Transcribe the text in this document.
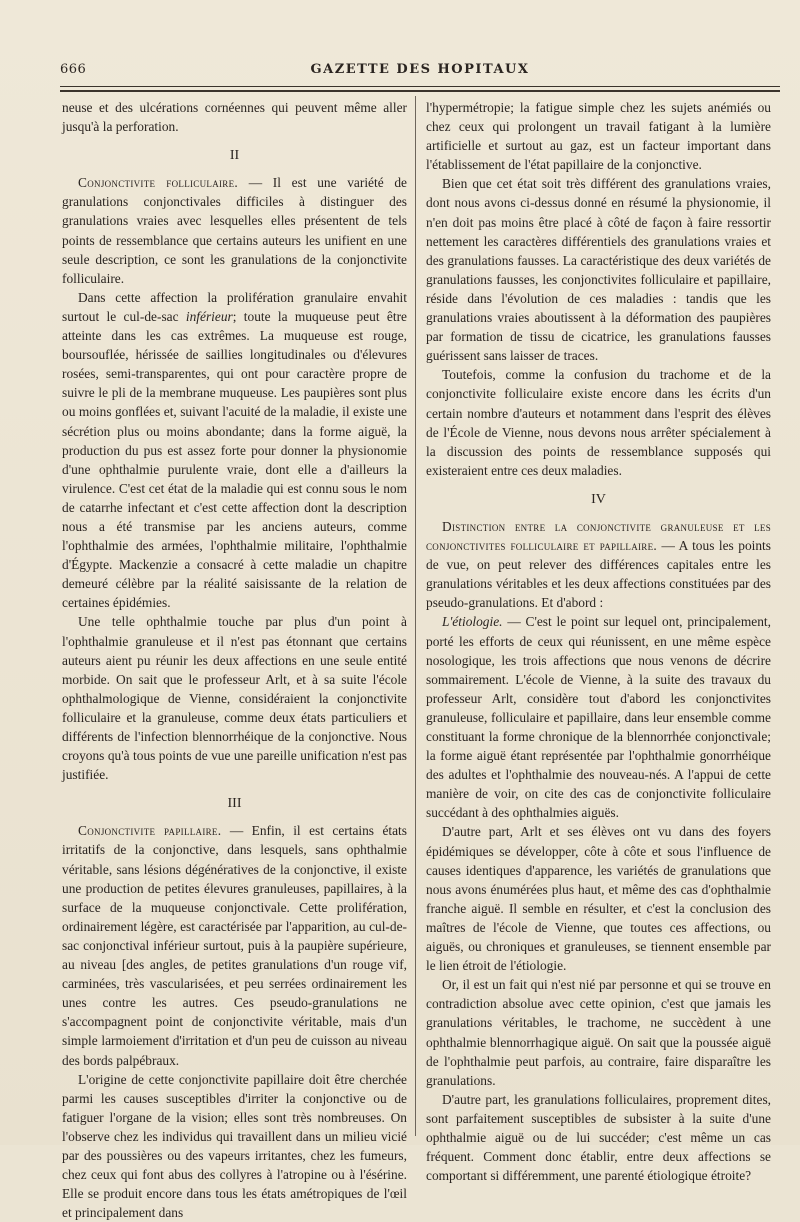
666	GAZETTE DES HOPITAUX

neuse et des ulcérations cornéennes qui peuvent même aller jusqu'à la perforation.

II

Conjonctivite folliculaire. — Il est une variété de granulations conjonctivales difficiles à distinguer des granulations vraies avec lesquelles elles présentent de tels points de ressemblance que certains auteurs les unifient en une seule description, ce sont les granulations de la conjonctivite folliculaire.

Dans cette affection la prolifération granulaire envahit surtout le cul-de-sac inférieur; toute la muqueuse peut être atteinte dans les cas extrêmes. La muqueuse est rouge, boursouflée, hérissée de saillies longitudinales ou d'élevures rosées, semi-transparentes, qui ont pour caractère propre de suivre le pli de la membrane muqueuse. Les paupières sont plus ou moins gonflées et, suivant l'acuité de la maladie, il existe une sécrétion plus ou moins abondante; dans la forme aiguë, la production du pus est assez forte pour donner la physionomie d'une ophthalmie purulente vraie, dont elle a d'ailleurs la virulence. C'est cet état de la maladie qui est connu sous le nom de catarrhe infectant et c'est cette affection dont la description nous a été transmise par les anciens auteurs, comme l'ophthalmie des armées, l'ophthalmie militaire, l'ophthalmie d'Égypte. Mackenzie a consacré à cette maladie un chapitre demeuré célèbre par la réalité saisissante de la relation de certaines épidémies.

Une telle ophthalmie touche par plus d'un point à l'ophthalmie granuleuse et il n'est pas étonnant que certains auteurs aient pu réunir les deux affections en une seule entité morbide. On sait que le professeur Arlt, et à sa suite l'école ophthalmologique de Vienne, considéraient la conjonctivite folliculaire et la granuleuse, comme deux états particuliers et différents de l'infection blennorrhéique de la conjonctive. Nous croyons qu'à tous points de vue une pareille unification n'est pas justifiée.

III

Conjonctivite papillaire. — Enfin, il est certains états irritatifs de la conjonctive, dans lesquels, sans ophthalmie véritable, sans lésions dégénératives de la conjonctive, il existe une production de petites élevures granuleuses, papillaires, à la surface de la muqueuse conjonctivale. Cette prolifération, ordinairement légère, est caractérisée par l'apparition, au cul-de-sac conjonctival inférieur surtout, puis à la paupière supérieure, au niveau [des angles, de petites granulations d'un rouge vif, carminées, très vascularisées, et peu serrées ordinairement les unes contre les autres. Ces pseudo-granulations ne s'accompagnent point de conjonctivite véritable, mais d'un simple larmoiement d'irritation et d'un peu de cuisson au niveau des bords palpébraux.

L'origine de cette conjonctivite papillaire doit être cherchée parmi les causes susceptibles d'irriter la conjonctive ou de fatiguer l'organe de la vision; elles sont très nombreuses. On l'observe chez les individus qui travaillent dans un milieu vicié par des poussières ou des vapeurs irritantes, chez les fumeurs, chez ceux qui font abus des collyres à l'atropine ou à l'ésérine. Elle se produit encore dans tous les états amétropiques de l'œil et principalement dans

l'hypermétropie; la fatigue simple chez les sujets anémiés ou chez ceux qui prolongent un travail fatigant à la lumière artificielle et surtout au gaz, est un facteur important dans l'établissement de l'état papillaire de la conjonctive.

Bien que cet état soit très différent des granulations vraies, dont nous avons ci-dessus donné en résumé la physionomie, il n'en doit pas moins être placé à côté de façon à faire ressortir nettement les caractères différentiels des granulations vraies et des granulations fausses. La caractéristique des deux variétés de granulations fausses, les conjonctivites folliculaire et papillaire, réside dans l'évolution de ces maladies : tandis que les granulations vraies aboutissent à la déformation des paupières par formation de tissu de cicatrice, les granulations fausses guérissent sans laisser de traces.

Toutefois, comme la confusion du trachome et de la conjonctivite folliculaire existe encore dans les écrits d'un certain nombre d'auteurs et notamment dans l'esprit des élèves de l'École de Vienne, nous devons nous arrêter spécialement à la discussion des points de ressemblance supposés qui existeraient entre ces deux maladies.

IV

Distinction entre la conjonctivite granuleuse et les conjonctivites folliculaire et papillaire. — A tous les points de vue, on peut relever des différences capitales entre les granulations véritables et les deux affections constituées par des pseudo-granulations. Et d'abord :

L'étiologie. — C'est le point sur lequel ont, principalement, porté les efforts de ceux qui réunissent, en une même espèce nosologique, les trois affections que nous venons de décrire sommairement. L'école de Vienne, à la suite des travaux du professeur Arlt, considère tout d'abord les conjonctivites granuleuse, folliculaire et papillaire, dans leur ensemble comme constituant la forme chronique de la blennorrhée conjonctivale; la forme aiguë étant représentée par l'ophthalmie gonorrhéique des adultes et l'ophthalmie des nouveau-nés. A l'appui de cette manière de voir, on cite des cas de conjonctivite folliculaire succédant à des ophthalmies aiguës.

D'autre part, Arlt et ses élèves ont vu dans des foyers épidémiques se développer, côte à côte et sous l'influence de causes identiques d'apparence, les variétés de granulations que nous avons énumérées plus haut, et même des cas d'ophthalmie franche aiguë. Il semble en résulter, et c'est la conclusion des maîtres de l'école de Vienne, que toutes ces affections, ou aiguës, ou chroniques et granuleuses, se tiennent ensemble par le lien étroit de l'étiologie.

Or, il est un fait qui n'est nié par personne et qui se trouve en contradiction absolue avec cette opinion, c'est que jamais les granulations véritables, le trachome, ne succèdent à une ophthalmie blennorrhagique aiguë. On sait que la poussée aiguë de l'ophthalmie peut parfois, au contraire, faire disparaître les granulations.

D'autre part, les granulations folliculaires, proprement dites, sont parfaitement susceptibles de subsister à la suite d'une ophthalmie aiguë ou de lui succéder; c'est même un cas fréquent. Comment donc établir, entre deux affections se comportant si différemment, une parenté étiologique étroite?
